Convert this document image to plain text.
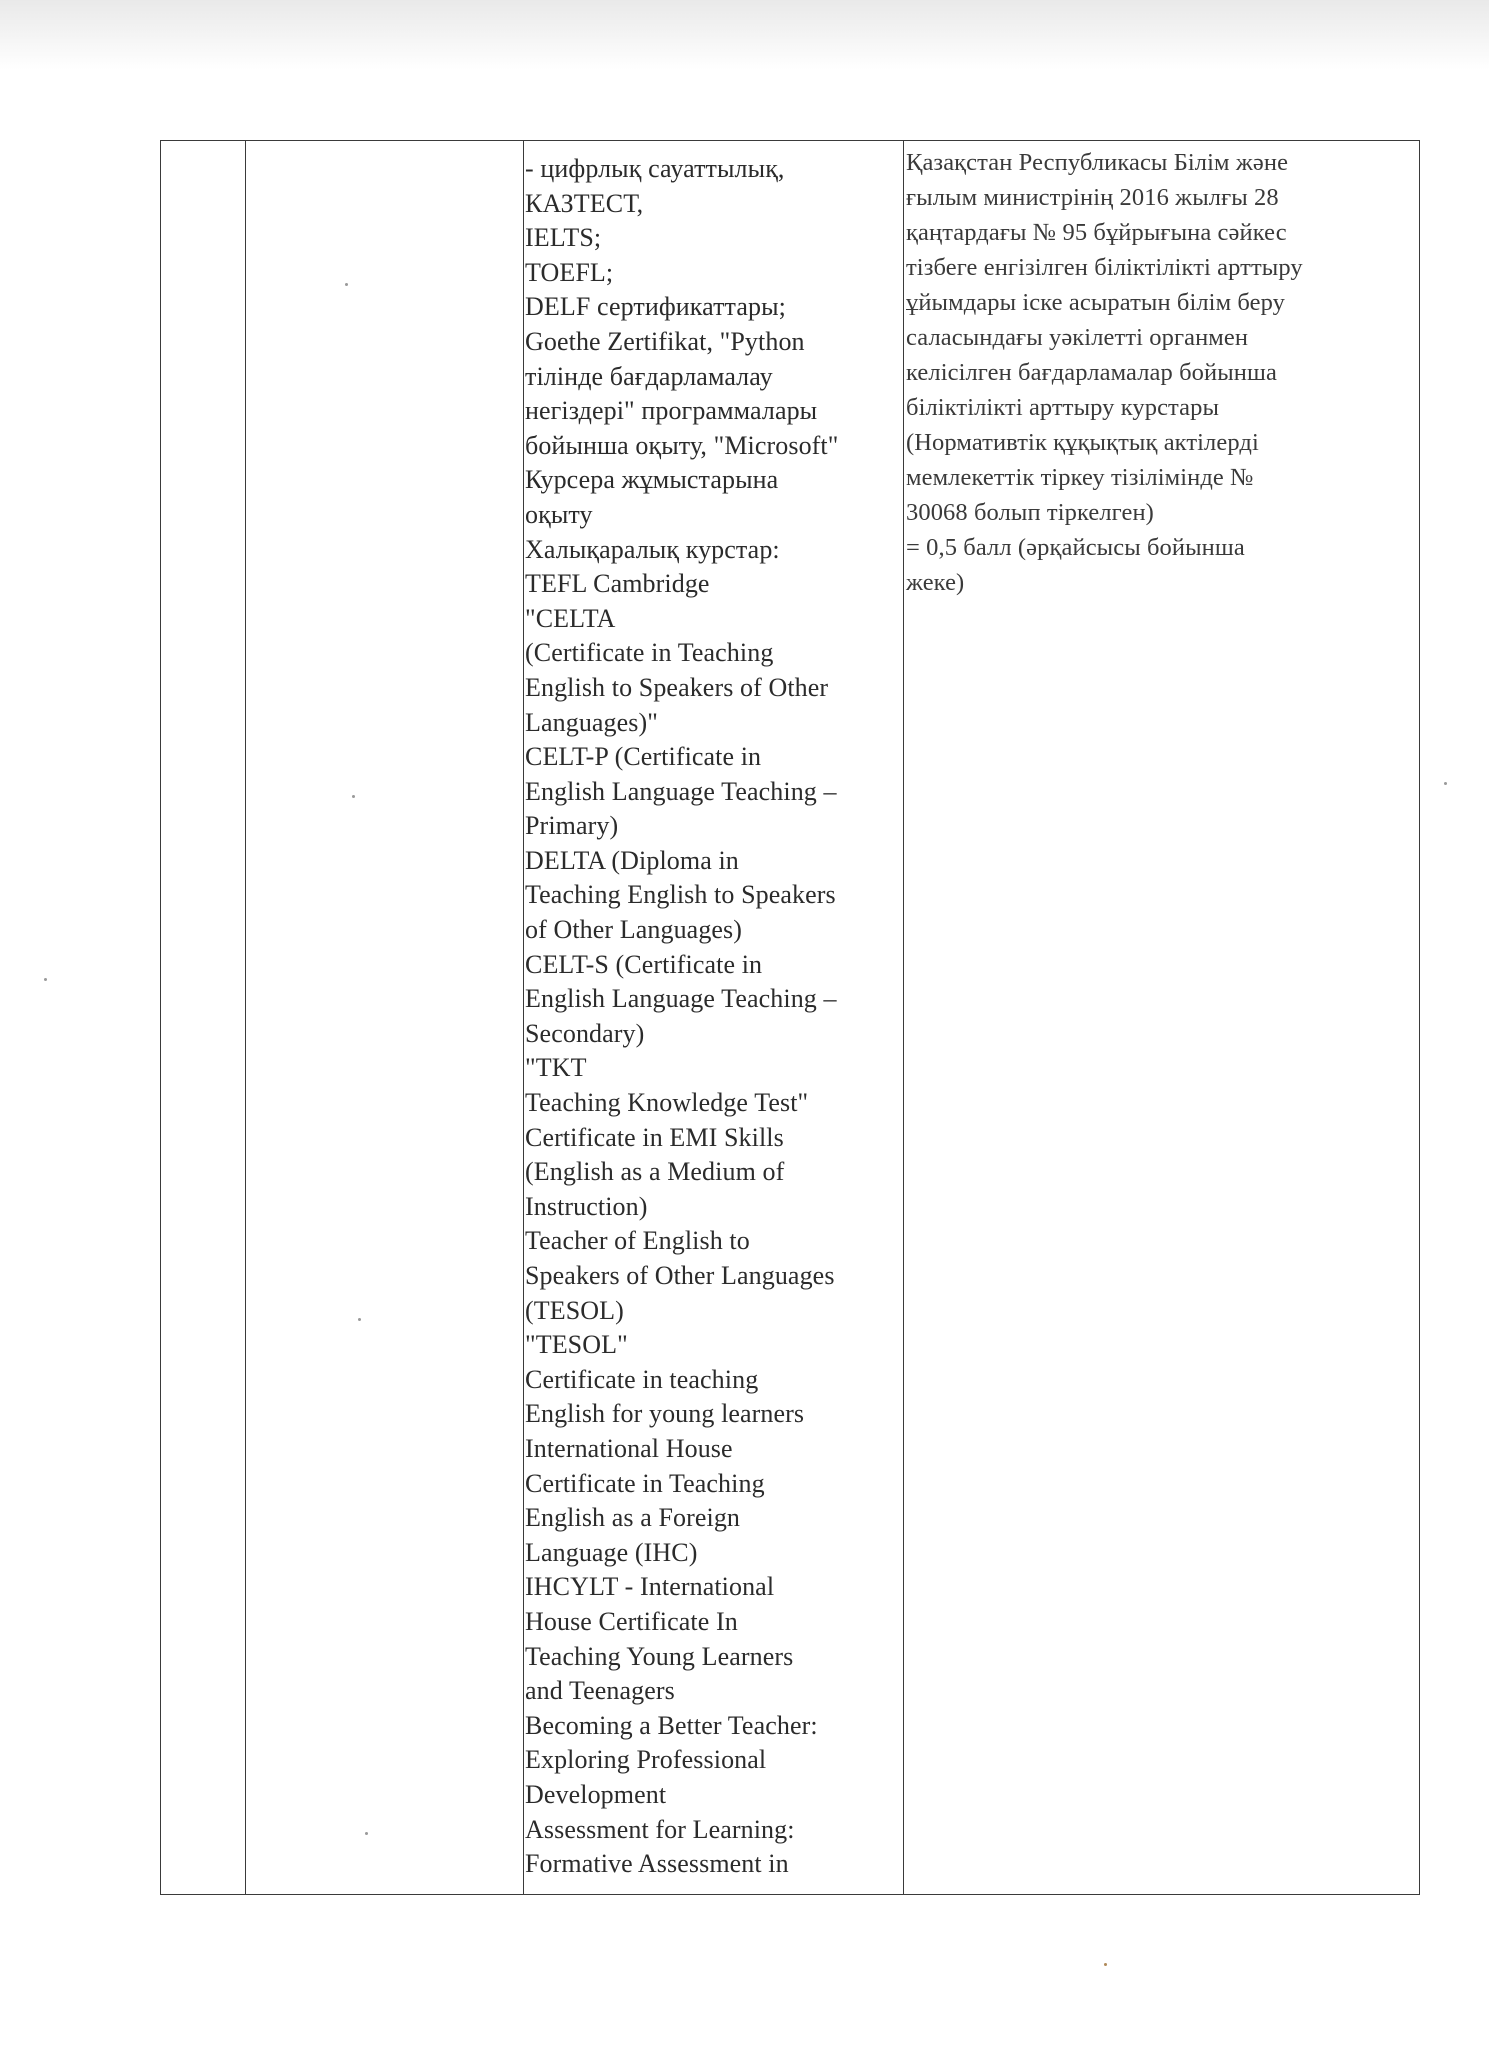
- цифрлық сауаттылық,
КАЗТЕСТ,
IELTS;
TOEFL;
DELF сертификаттары;
Goethe Zertifikat, "Python
тілінде бағдарламалау
негіздері" программалары
бойынша оқыту, "Microsoft"
Курсера жұмыстарына
оқыту
Халықаралық курстар:
TEFL Cambridge
"CELTA
(Certificate in Teaching
English to Speakers of Other
Languages)"
CELT-P (Certificate in
English Language Teaching –
Primary)
DELTA (Diploma in
Teaching English to Speakers
of Other Languages)
CELT-S (Certificate in
English Language Teaching –
Secondary)
"TKT
Teaching Knowledge Test"
Certificate in EMI Skills
(English as a Medium of
Instruction)
Teacher of English to
Speakers of Other Languages
(TESOL)
"TESOL"
Certificate in teaching
English for young learners
International House
Certificate in Teaching
English as a Foreign
Language (IHC)
IHCYLT - International
House Certificate In
Teaching Young Learners
and Teenagers
Becoming a Better Teacher:
Exploring Professional
Development
Assessment for Learning:
Formative Assessment in
Қазақстан Республикасы Білім және
ғылым министрінің 2016 жылғы 28
қаңтардағы № 95 бұйрығына сәйкес
тізбеге енгізілген біліктілікті арттыру
ұйымдары іске асыратын білім беру
саласындағы уәкілетті органмен
келісілген бағдарламалар бойынша
біліктілікті арттыру курстары
(Нормативтік құқықтық актілерді
мемлекеттік тіркеу тізілімінде №
30068 болып тіркелген)
= 0,5 балл (әрқайсысы бойынша
жеке)
